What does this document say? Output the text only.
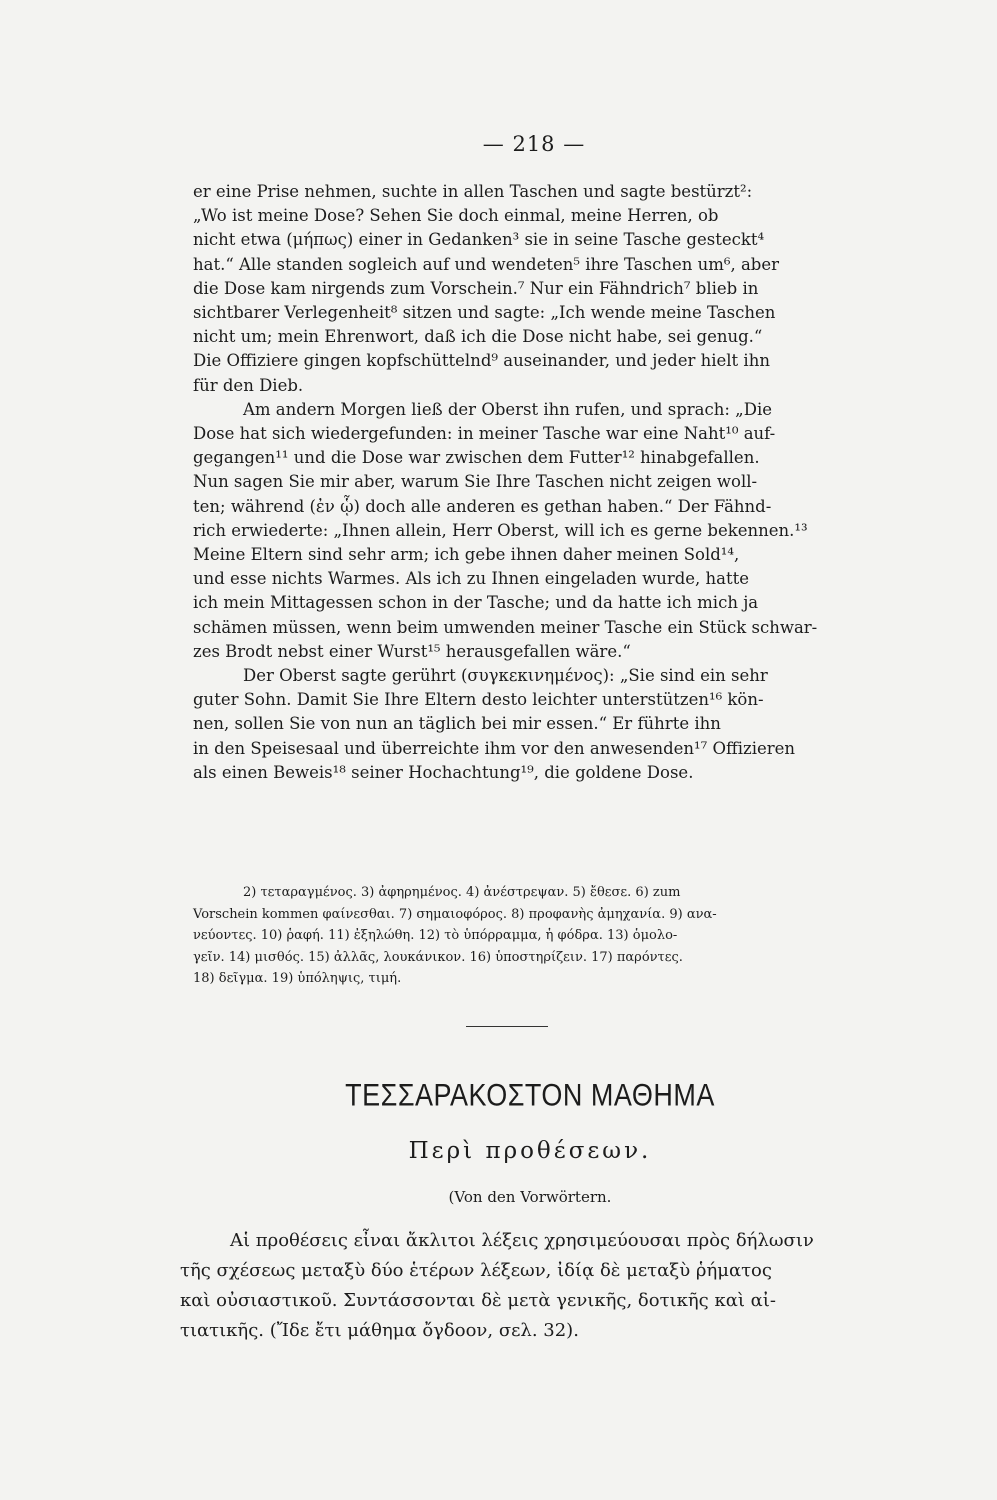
— 218 —

er eine Prise nehmen, suchte in allen Taschen und sagte bestürzt²:
„Wo ist meine Dose? Sehen Sie doch einmal, meine Herren, ob
nicht etwa (μήπως) einer in Gedanken³ sie in seine Tasche gesteckt⁴
hat.“ Alle standen sogleich auf und wendeten⁵ ihre Taschen um⁶, aber
die Dose kam nirgends zum Vorschein.⁷ Nur ein Fähndrich⁷ blieb in
sichtbarer Verlegenheit⁸ sitzen und sagte: „Ich wende meine Taschen
nicht um; mein Ehrenwort, daß ich die Dose nicht habe, sei genug.“
Die Offiziere gingen kopfschüttelnd⁹ auseinander, und jeder hielt ihn
für den Dieb.

Am andern Morgen ließ der Oberst ihn rufen, und sprach: „Die
Dose hat sich wiedergefunden: in meiner Tasche war eine Naht¹⁰ auf-
gegangen¹¹ und die Dose war zwischen dem Futter¹² hinabgefallen.
Nun sagen Sie mir aber, warum Sie Ihre Taschen nicht zeigen woll-
ten; während (ἐν ᾧ) doch alle anderen es gethan haben.“ Der Fähnd-
rich erwiederte: „Ihnen allein, Herr Oberst, will ich es gerne bekennen.¹³
Meine Eltern sind sehr arm; ich gebe ihnen daher meinen Sold¹⁴,
und esse nichts Warmes. Als ich zu Ihnen eingeladen wurde, hatte
ich mein Mittagessen schon in der Tasche; und da hatte ich mich ja
schämen müssen, wenn beim umwenden meiner Tasche ein Stück schwar-
zes Brodt nebst einer Wurst¹⁵ herausgefallen wäre.“

Der Oberst sagte gerührt (συγκεκινημένος): „Sie sind ein sehr
guter Sohn. Damit Sie Ihre Eltern desto leichter unterstützen¹⁶ kön-
nen, sollen Sie von nun an täglich bei mir essen.“ Er führte ihn
in den Speisesaal und überreichte ihm vor den anwesenden¹⁷ Offizieren
als einen Beweis¹⁸ seiner Hochachtung¹⁹, die goldene Dose.

2) τεταραγμένος. 3) ἀφηρημένος. 4) ἀνέστρεψαν. 5) ἔθεσε. 6) zum
Vorschein kommen φαίνεσθαι. 7) σημαιοφόρος. 8) προφανὴς ἀμηχανία. 9) ανα-
νεύοντες. 10) ῥαφή. 11) ἐξηλώθη. 12) τὸ ὑπόρραμμα, ἡ φόδρα. 13) ὁμολο-
γεῖν. 14) μισθός. 15) ἀλλᾶς, λουκάνικον. 16) ὑποστηρίζειν. 17) παρόντες.
18) δεῖγμα. 19) ὑπόληψις, τιμή.
ΤΕΣΣΑΡΑΚΟΣΤΟΝ ΜΑΘΗΜΑ
Περὶ προθέσεων.
(Von den Vorwörtern.
Αἱ προθέσεις εἶναι ἄκλιτοι λέξεις χρησιμεύουσαι πρὸς δήλωσιν
τῆς σχέσεως μεταξὺ δύο ἑτέρων λέξεων, ἰδίᾳ δὲ μεταξὺ ῥήματος
καὶ οὐσιαστικοῦ. Συντάσσονται δὲ μετὰ γενικῆς, δοτικῆς καὶ αἰ-
τιατικῆς. (Ἴδε ἔτι μάθημα ὄγδοον, σελ. 32).
